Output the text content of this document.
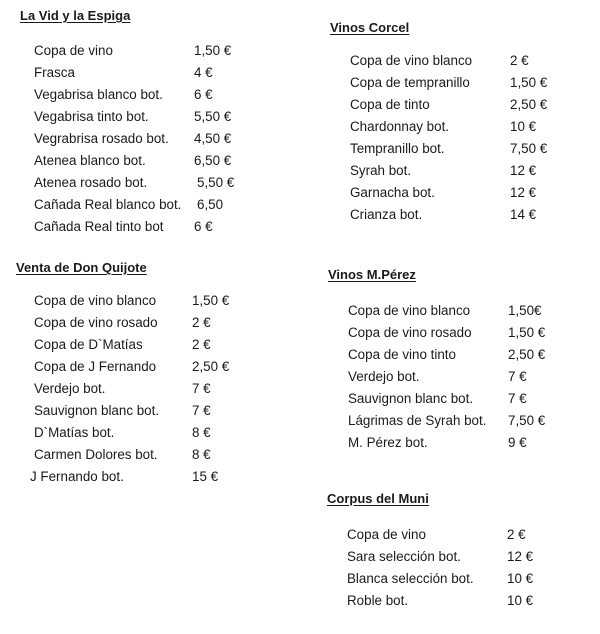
La Vid y la Espiga
Copa de vino	1,50 €
Frasca	4 €
Vegabrisa blanco bot. 6 €
Vegabrisa tinto bot.	5,50 €
Vegrabrisa rosado bot. 4,50 €
Atenea blanco bot.	6,50 €
Atenea rosado bot.	5,50 €
Cañada Real blanco bot. 6,50
Cañada Real tinto bot 6 €
Venta de Don Quijote
Copa de vino blanco	1,50 €
Copa de vino rosado	2 €
Copa de D`Matías	2 €
Copa de J Fernando	2,50 €
Verdejo bot.	7 €
Sauvignon blanc bot. 7 €
D`Matías bot.	8 €
Carmen Dolores bot.	8 €
J Fernando bot.	15 €
Vinos Corcel
Copa de vino blanco	2 €
Copa de tempranillo	1,50 €
Copa de tinto	2,50 €
Chardonnay bot.	10 €
Tempranillo bot.	7,50 €
Syrah bot.	12 €
Garnacha bot.	12 €
Crianza bot.	14 €
Vinos M.Pérez
Copa de vino blanco	1,50€
Copa de vino rosado	1,50 €
Copa de vino tinto	2,50 €
Verdejo bot.	7 €
Sauvignon blanc bot.	7 €
Lágrimas de Syrah bot. 7,50 €
M. Pérez bot.	9 €
Corpus del Muni
Copa de vino	2 €
Sara selección bot.	12 €
Blanca selección bot. 10 €
Roble bot.	10 €
